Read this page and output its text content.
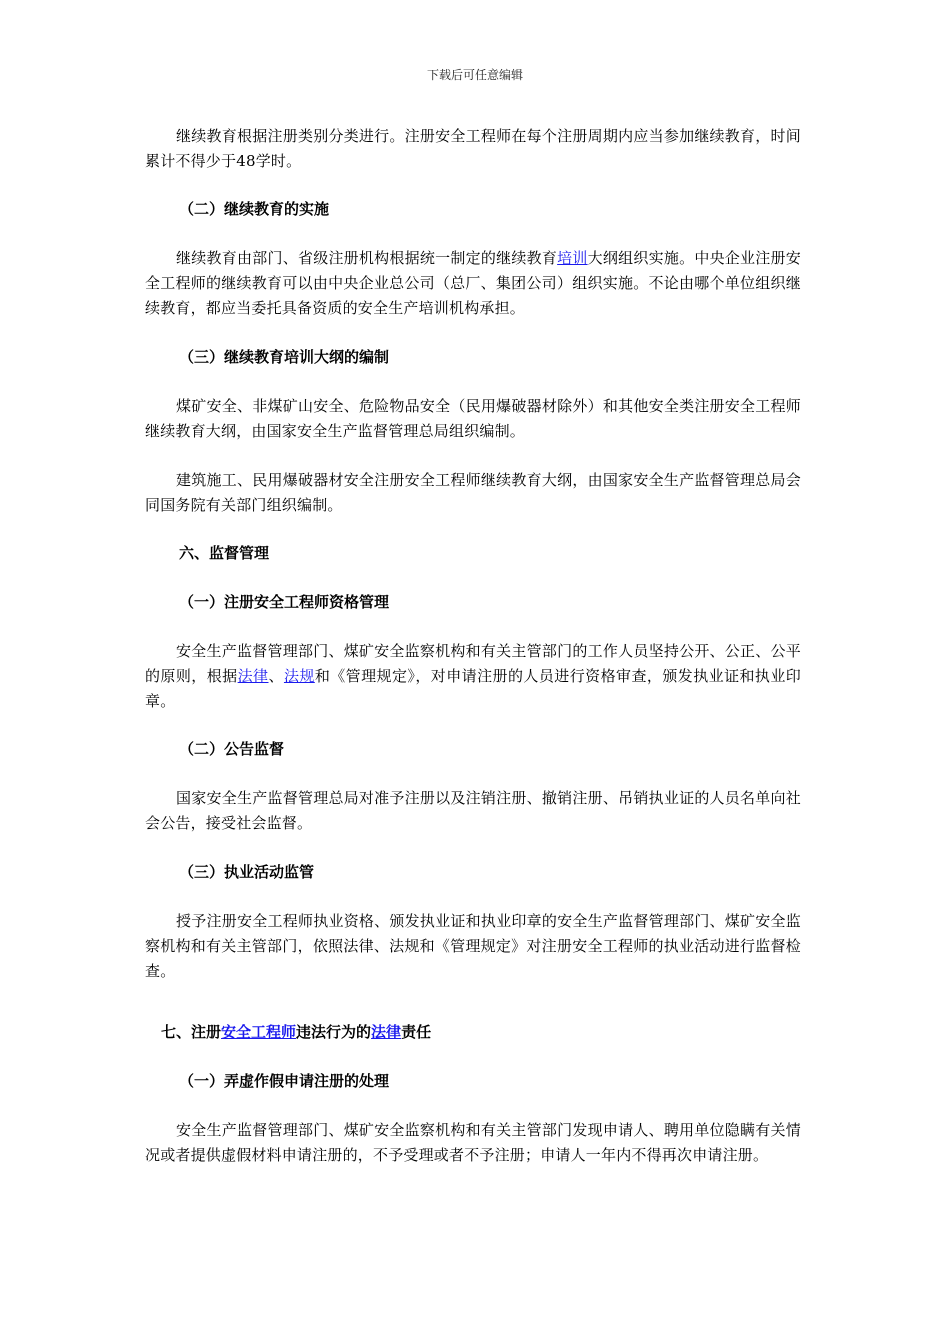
下载后可任意编辑

继续教育根据注册类别分类进行。注册安全工程师在每个注册周期内应当参加继续教育，时间累计不得少于48学时。

（二）继续教育的实施

继续教育由部门、省级注册机构根据统一制定的继续教育培训大纲组织实施。中央企业注册安全工程师的继续教育可以由中央企业总公司（总厂、集团公司）组织实施。不论由哪个单位组织继续教育，都应当委托具备资质的安全生产培训机构承担。

（三）继续教育培训大纲的编制

煤矿安全、非煤矿山安全、危险物品安全（民用爆破器材除外）和其他安全类注册安全工程师继续教育大纲，由国家安全生产监督管理总局组织编制。

建筑施工、民用爆破器材安全注册安全工程师继续教育大纲，由国家安全生产监督管理总局会同国务院有关部门组织编制。

六、监督管理

（一）注册安全工程师资格管理

安全生产监督管理部门、煤矿安全监察机构和有关主管部门的工作人员坚持公开、公正、公平的原则，根据法律、法规和《管理规定》，对申请注册的人员进行资格审查，颁发执业证和执业印章。

（二）公告监督

国家安全生产监督管理总局对准予注册以及注销注册、撤销注册、吊销执业证的人员名单向社会公告，接受社会监督。

（三）执业活动监管

授予注册安全工程师执业资格、颁发执业证和执业印章的安全生产监督管理部门、煤矿安全监察机构和有关主管部门，依照法律、法规和《管理规定》对注册安全工程师的执业活动进行监督检查。

七、注册安全工程师违法行为的法律责任

（一）弄虚作假申请注册的处理

安全生产监督管理部门、煤矿安全监察机构和有关主管部门发现申请人、聘用单位隐瞒有关情况或者提供虚假材料申请注册的，不予受理或者不予注册；申请人一年内不得再次申请注册。
